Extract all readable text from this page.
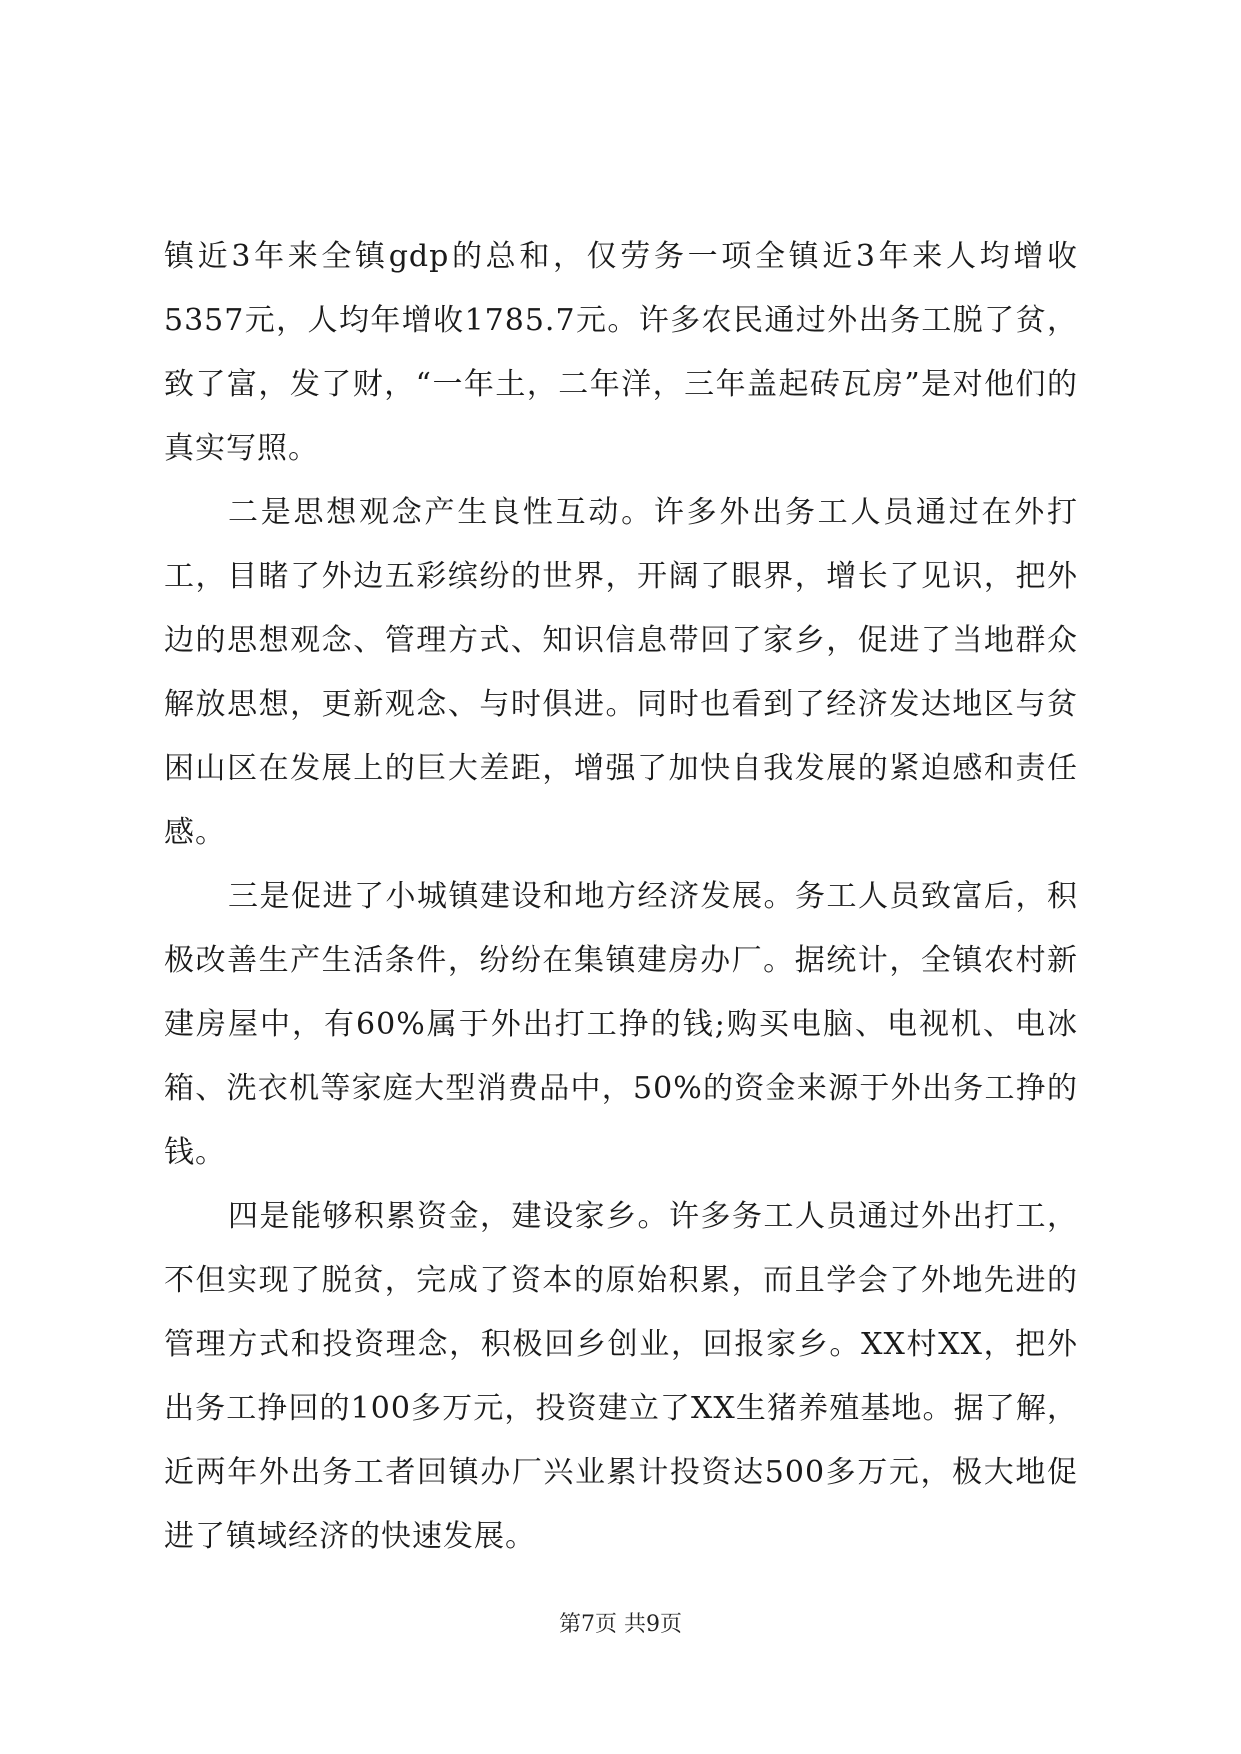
镇近3年来全镇gdp的总和，仅劳务一项全镇近3年来人均增收5357元，人均年增收1785.7元。许多农民通过外出务工脱了贫，致了富，发了财，“一年土，二年洋，三年盖起砖瓦房”是对他们的真实写照。

二是思想观念产生良性互动。许多外出务工人员通过在外打工，目睹了外边五彩缤纷的世界，开阔了眼界，增长了见识，把外边的思想观念、管理方式、知识信息带回了家乡，促进了当地群众解放思想，更新观念、与时俱进。同时也看到了经济发达地区与贫困山区在发展上的巨大差距，增强了加快自我发展的紧迫感和责任感。

三是促进了小城镇建设和地方经济发展。务工人员致富后，积极改善生产生活条件，纷纷在集镇建房办厂。据统计，全镇农村新建房屋中，有60%属于外出打工挣的钱;购买电脑、电视机、电冰箱、洗衣机等家庭大型消费品中，50%的资金来源于外出务工挣的钱。

四是能够积累资金，建设家乡。许多务工人员通过外出打工，不但实现了脱贫，完成了资本的原始积累，而且学会了外地先进的管理方式和投资理念，积极回乡创业，回报家乡。XX村XX，把外出务工挣回的100多万元，投资建立了XX生猪养殖基地。据了解，近两年外出务工者回镇办厂兴业累计投资达500多万元，极大地促进了镇域经济的快速发展。

第7页 共9页
